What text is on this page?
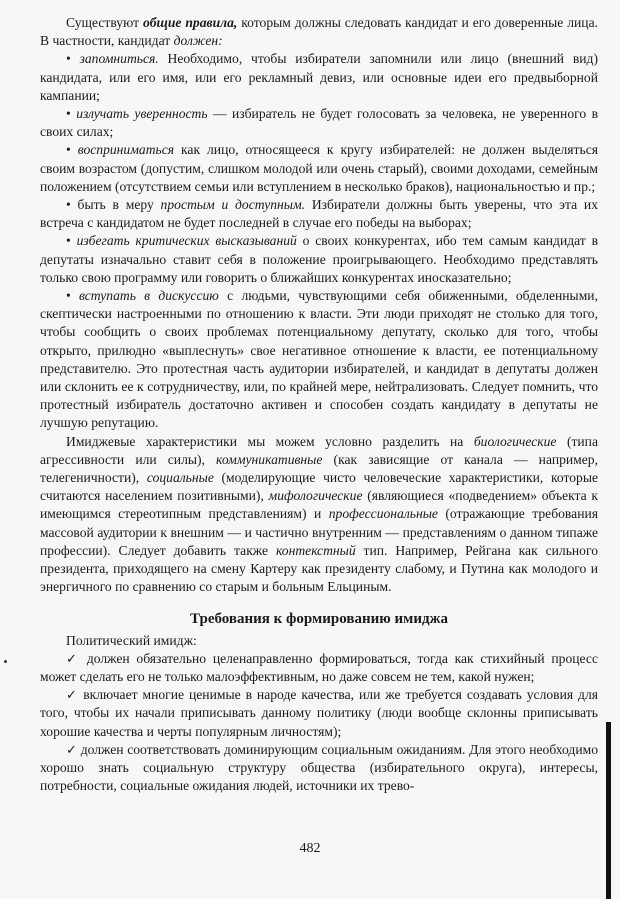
Существуют общие правила, которым должны следовать кандидат и его доверенные лица. В частности, кандидат должен:

• запомниться. Необходимо, чтобы избиратели запомнили или лицо (внешний вид) кандидата, или его имя, или его рекламный девиз, или основные идеи его предвыборной кампании;

• излучать уверенность — избиратель не будет голосовать за человека, не уверенного в своих силах;

• восприниматься как лицо, относящееся к кругу избирателей: не должен выделяться своим возрастом (допустим, слишком молодой или очень старый), своими доходами, семейным положением (отсутствием семьи или вступлением в несколько браков), национальностью и пр.;

• быть в меру простым и доступным. Избиратели должны быть уверены, что эта их встреча с кандидатом не будет последней в случае его победы на выборах;

• избегать критических высказываний о своих конкурентах, ибо тем самым кандидат в депутаты изначально ставит себя в положение проигрывающего. Необходимо представлять только свою программу или говорить о ближайших конкурентах иносказательно;

• вступать в дискуссию с людьми, чувствующими себя обиженными, обделенными, скептически настроенными по отношению к власти. Эти люди приходят не столько для того, чтобы сообщить о своих проблемах потенциальному депутату, сколько для того, чтобы открыто, прилюдно «выплеснуть» свое негативное отношение к власти, ее потенциальному представителю. Это протестная часть аудитории избирателей, и кандидат в депутаты должен или склонить ее к сотрудничеству, или, по крайней мере, нейтрализовать. Следует помнить, что протестный избиратель достаточно активен и способен создать кандидату в депутаты не лучшую репутацию.

Имиджевые характеристики мы можем условно разделить на биологические (типа агрессивности или силы), коммуникативные (как зависящие от канала — например, телегеничности), социальные (моделирующие чисто человеческие характеристики, которые считаются населением позитивными), мифологические (являющиеся «подведением» объекта к имеющимся стереотипным представлениям) и профессиональные (отражающие требования массовой аудитории к внешним — и частично внутренним — представлениям о данном типаже профессии). Следует добавить также контекстный тип. Например, Рейгана как сильного президента, приходящего на смену Картеру как президенту слабому, и Путина как молодого и энергичного по сравнению со старым и больным Ельциным.

Требования к формированию имиджа

Политический имидж:

✓ должен обязательно целенаправленно формироваться, тогда как стихийный процесс может сделать его не только малоэффективным, но даже совсем не тем, какой нужен;

✓ включает многие ценимые в народе качества, или же требуется создавать условия для того, чтобы их начали приписывать данному политику (люди вообще склонны приписывать хорошие качества и черты популярным личностям);

✓ должен соответствовать доминирующим социальным ожиданиям. Для этого необходимо хорошо знать социальную структуру общества (избирательного округа), интересы, потребности, социальные ожидания людей, источники их трево-

482
